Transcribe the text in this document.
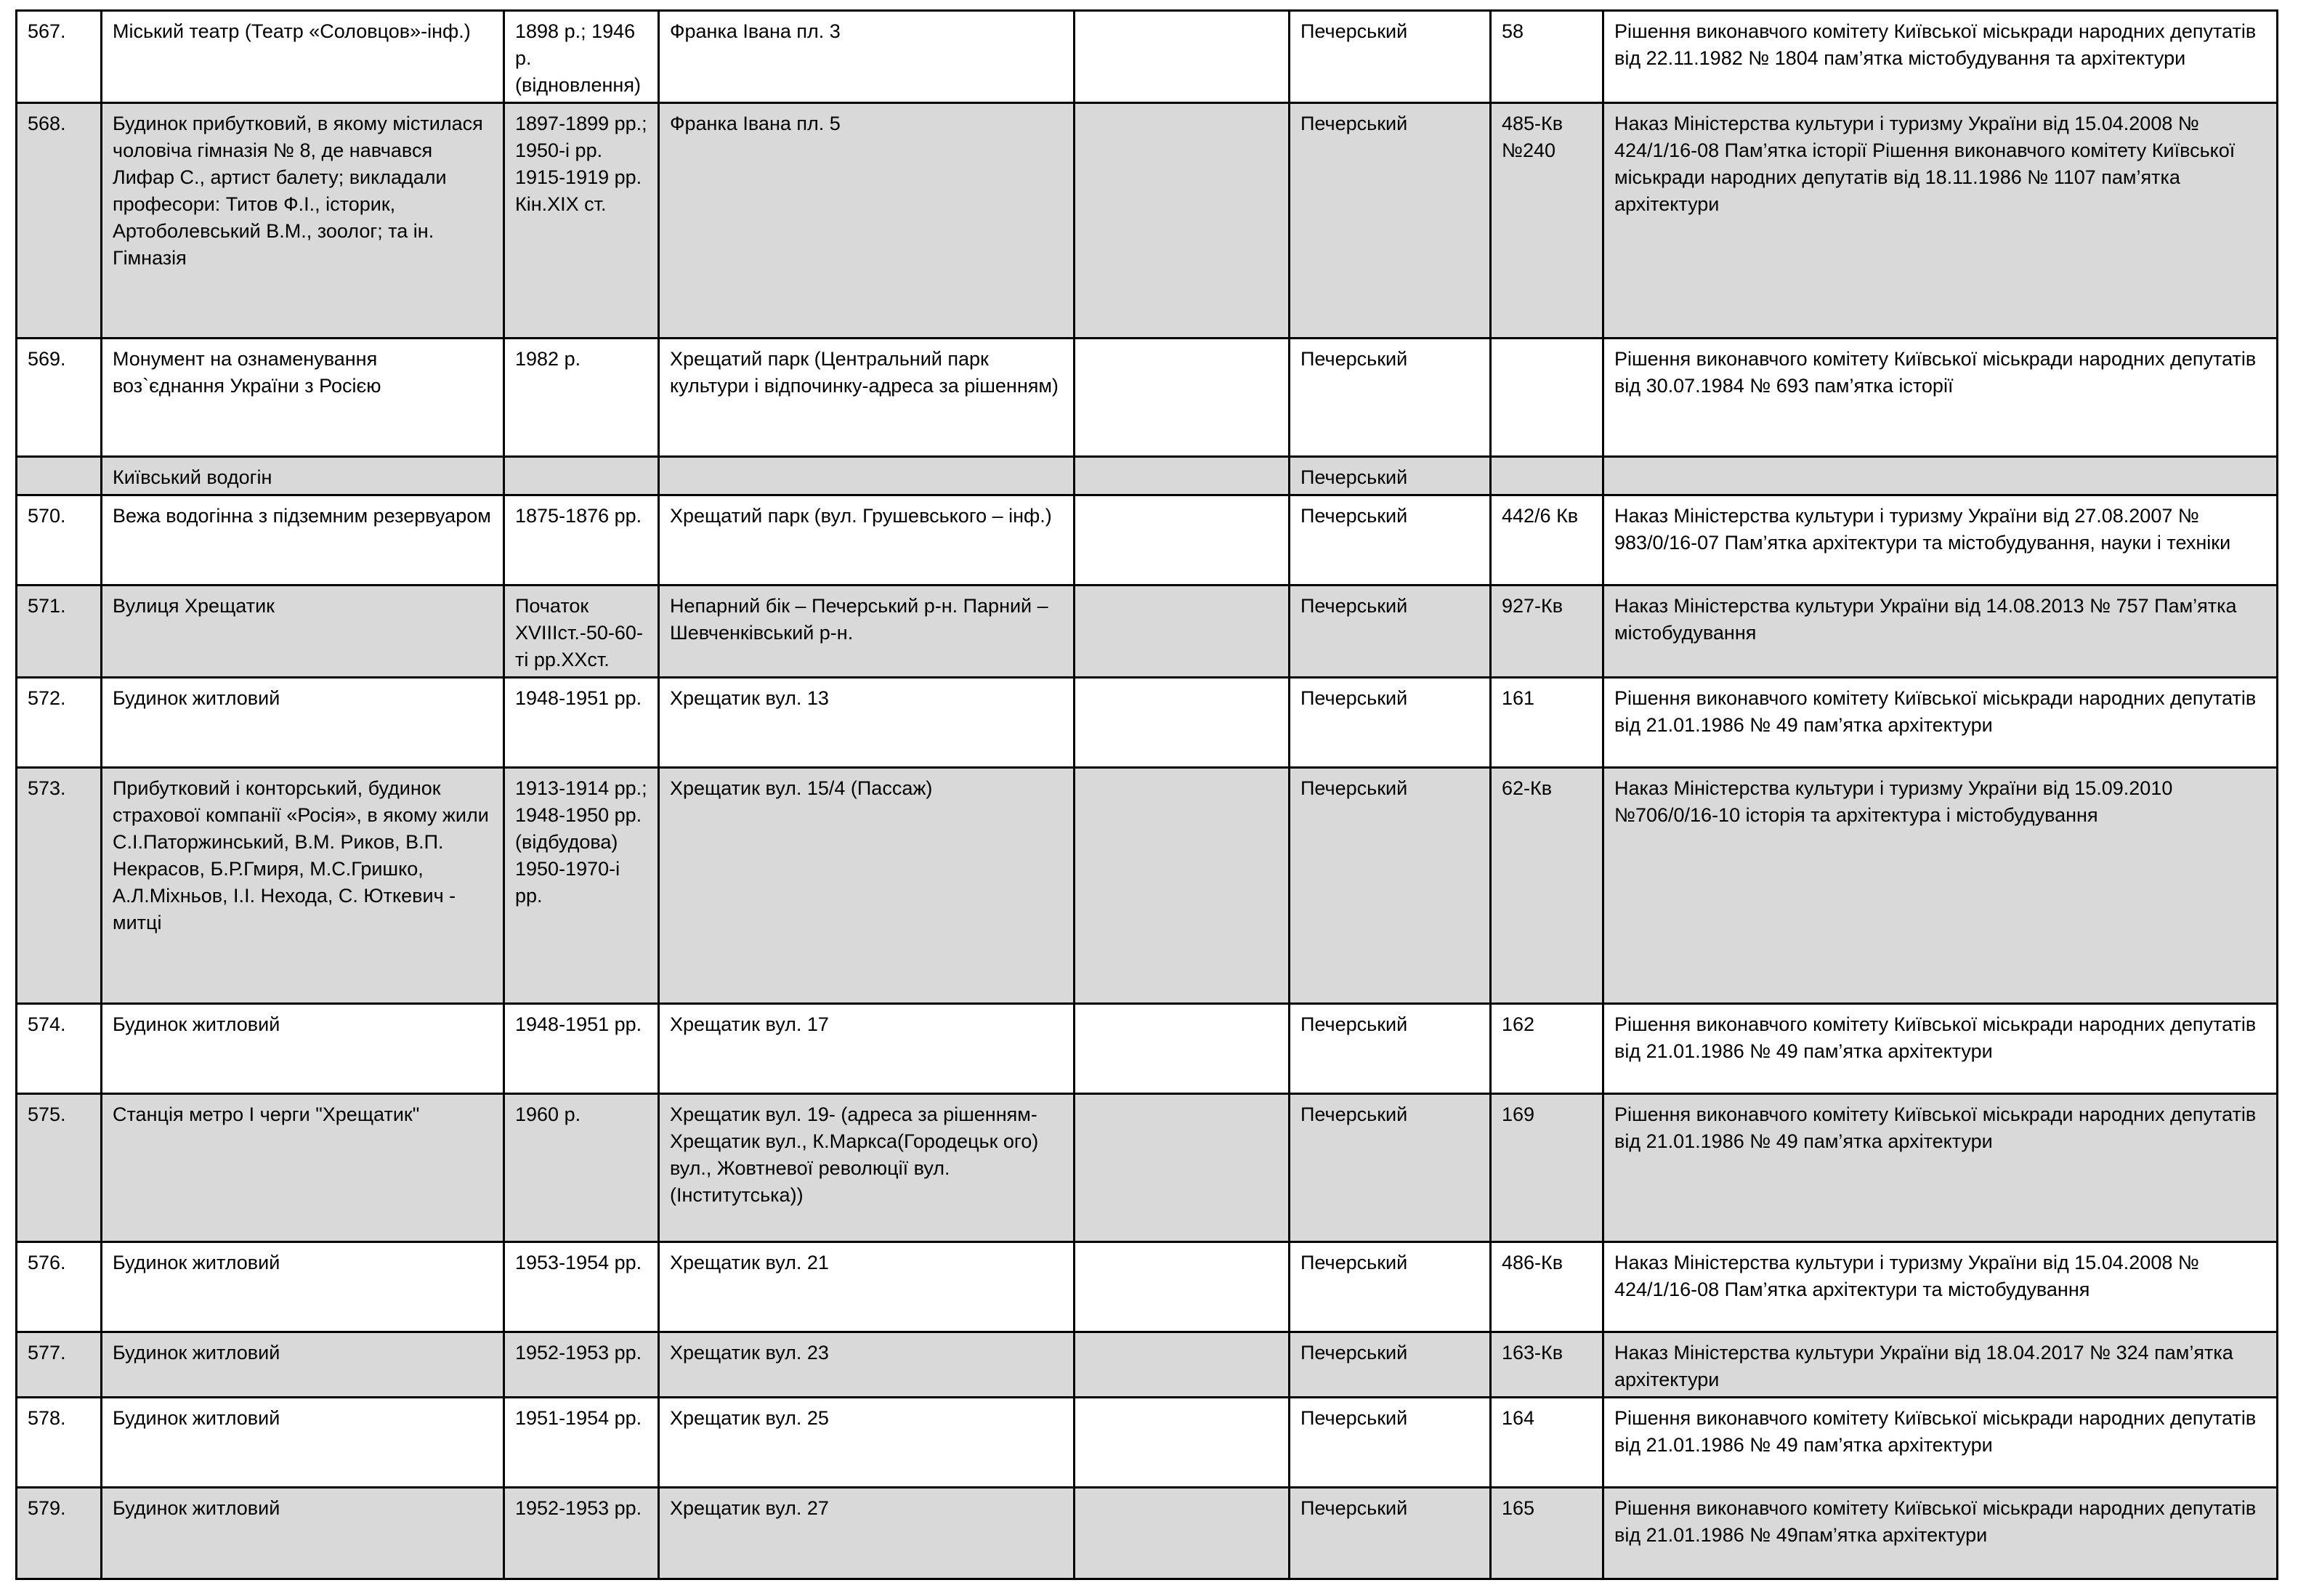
567.	Міський театр (Театр «Соловцов»-інф.)	1898 р.; 1946 р.(відновлення)	Франка Івана пл. 3		Печерський	58	Рішення виконавчого комітету Київської міськради народних депутатів від 22.11.1982 № 1804 пам’ятка містобудування та архітектури
568.	Будинок прибутковий, в якому містилася чоловіча гімназія № 8, де навчався Лифар С., артист балету; викладали професори: Титов Ф.І., історик, Артоболевський В.М., зоолог; та ін. Гімназія	1897-1899 рр.; 1950-і рр. 1915-1919 рр. Кін.ХІХ ст.	Франка Івана пл. 5		Печерський	485-Кв №240	Наказ Міністерства культури і туризму України від 15.04.2008 № 424/1/16-08 Пам’ятка історії Рішення виконавчого комітету Київської міськради народних депутатів від 18.11.1986 № 1107 пам’ятка архітектури
569.	Монумент на ознаменування воз`єднання України з Росією	1982 р.	Хрещатий парк (Центральний парк культури і відпочинку-адреса за рішенням)		Печерський		Рішення виконавчого комітету Київської міськради народних депутатів від 30.07.1984 № 693 пам’ятка історії
	Київський водогін				Печерський		
570.	Вежа водогінна з підземним резервуаром	1875-1876 рр.	Хрещатий парк (вул. Грушевського – інф.)		Печерський	442/6 Кв	Наказ Міністерства культури і туризму України від 27.08.2007 № 983/0/16-07 Пам’ятка архітектури та містобудування, науки і техніки
571.	Вулиця Хрещатик	Початок XVIIIст.-50-60-ті рр.ХХст.	Непарний бік – Печерський р-н. Парний – Шевченківський р-н.		Печерський	927-Кв	Наказ Міністерства культури України від 14.08.2013 № 757 Пам’ятка містобудування
572.	Будинок житловий	1948-1951 рр.	Хрещатик вул. 13		Печерський	161	Рішення виконавчого комітету Київської міськради народних депутатів від 21.01.1986 № 49 пам’ятка архітектури
573.	Прибутковий і конторський, будинок страхової компанії «Росія», в якому жили С.І.Паторжинський, В.М. Риков, В.П. Некрасов, Б.Р.Гмиря, М.С.Гришко, А.Л.Міхньов, І.І. Нехода, С. Юткевич - митці	1913-1914 рр.; 1948-1950 рр. (відбудова) 1950-1970-і рр.	Хрещатик вул. 15/4 (Пассаж)		Печерський	62-Кв	Наказ Міністерства культури і туризму України від 15.09.2010 №706/0/16-10 історія та архітектура і містобудування
574.	Будинок житловий	1948-1951 рр.	Хрещатик вул. 17		Печерський	162	Рішення виконавчого комітету Київської міськради народних депутатів від 21.01.1986 № 49 пам’ятка архітектури
575.	Станція метро І черги "Хрещатик"	1960 р.	Хрещатик вул. 19- (адреса за рішенням-Хрещатик вул., К.Маркса(Городецьк ого) вул., Жовтневої революції вул.(Інститутська))		Печерський	169	Рішення виконавчого комітету Київської міськради народних депутатів від 21.01.1986 № 49 пам’ятка архітектури
576.	Будинок житловий	1953-1954 рр.	Хрещатик вул. 21		Печерський	486-Кв	Наказ Міністерства культури і туризму України від 15.04.2008 № 424/1/16-08 Пам’ятка архітектури та містобудування
577.	Будинок житловий	1952-1953 рр.	Хрещатик вул. 23		Печерський	163-Кв	Наказ Міністерства культури України від 18.04.2017 № 324 пам’ятка архітектури
578.	Будинок житловий	1951-1954 рр.	Хрещатик вул. 25		Печерський	164	Рішення виконавчого комітету Київської міськради народних депутатів від 21.01.1986 № 49 пам’ятка архітектури
579.	Будинок житловий	1952-1953 рр.	Хрещатик вул. 27		Печерський	165	Рішення виконавчого комітету Київської міськради народних депутатів від 21.01.1986 № 49пам’ятка архітектури
